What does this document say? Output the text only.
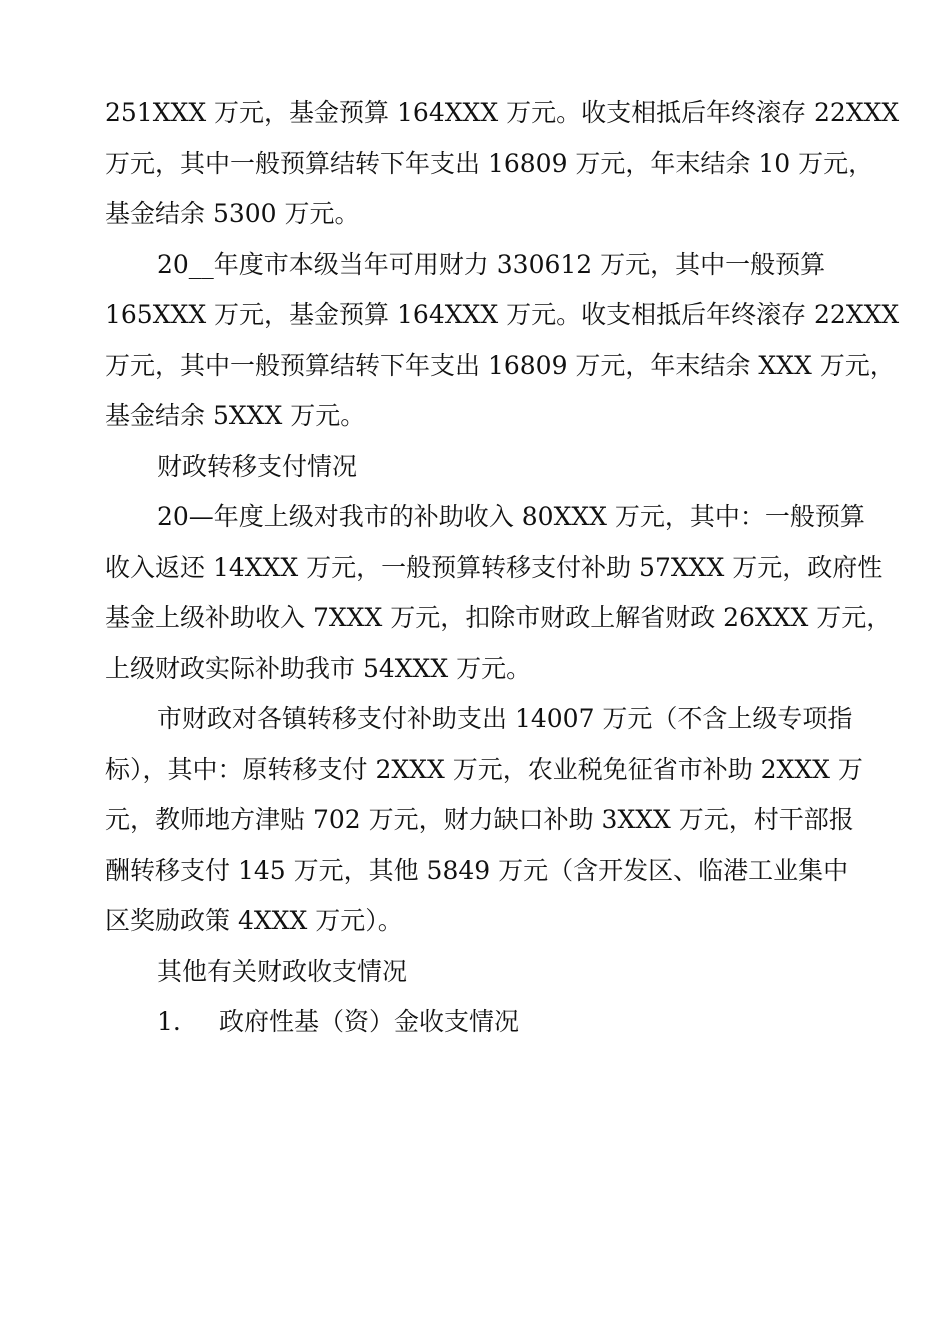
251XXX 万元，基金预算 164XXX 万元。收支相抵后年终滚存 22XXX
万元，其中一般预算结转下年支出 16809 万元，年末结余 10 万元，
基金结余 5300 万元。

20__年度市本级当年可用财力 330612 万元，其中一般预算
165XXX 万元，基金预算 164XXX 万元。收支相抵后年终滚存 22XXX
万元，其中一般预算结转下年支出 16809 万元，年末结余 XXX 万元，
基金结余 5XXX 万元。

财政转移支付情况

20—年度上级对我市的补助收入 80XXX 万元，其中：一般预算
收入返还 14XXX 万元，一般预算转移支付补助 57XXX 万元，政府性
基金上级补助收入 7XXX 万元，扣除市财政上解省财政 26XXX 万元，
上级财政实际补助我市 54XXX 万元。

市财政对各镇转移支付补助支出 14007 万元（不含上级专项指
标），其中：原转移支付 2XXX 万元，农业税免征省市补助 2XXX 万
元，教师地方津贴 702 万元，财力缺口补助 3XXX 万元，村干部报
酬转移支付 145 万元，其他 5849 万元（含开发区、临港工业集中
区奖励政策 4XXX 万元）。

其他有关财政收支情况

1.	政府性基（资）金收支情况
